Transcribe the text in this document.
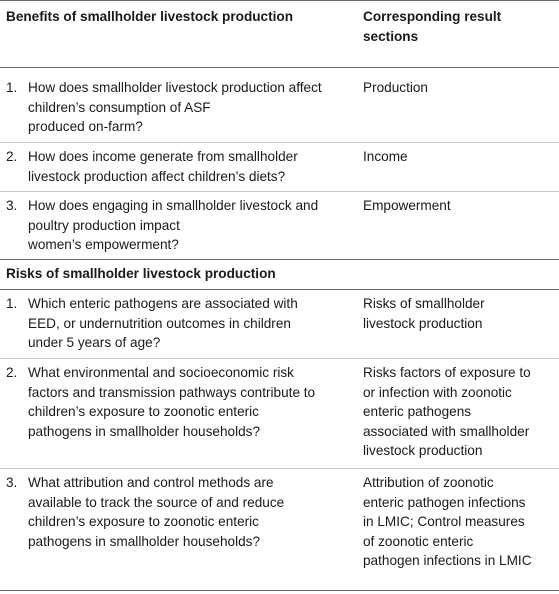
Benefits of smallholder livestock production	Corresponding result
sections
1. How does smallholder livestock production affect
children’s consumption of ASF
produced on-farm?
Production
2. How does income generate from smallholder
livestock production affect children’s diets?
Income
3. How does engaging in smallholder livestock and
poultry production impact
women’s empowerment?
Empowerment
Risks of smallholder livestock production
1. Which enteric pathogens are associated with
EED, or undernutrition outcomes in children
under 5 years of age?
Risks of smallholder
livestock production
2. What environmental and socioeconomic risk
factors and transmission pathways contribute to
children’s exposure to zoonotic enteric
pathogens in smallholder households?
Risks factors of exposure to
or infection with zoonotic
enteric pathogens
associated with smallholder
livestock production
3. What attribution and control methods are
available to track the source of and reduce
children’s exposure to zoonotic enteric
pathogens in smallholder households?
Attribution of zoonotic
enteric pathogen infections
in LMIC; Control measures
of zoonotic enteric
pathogen infections in LMIC
